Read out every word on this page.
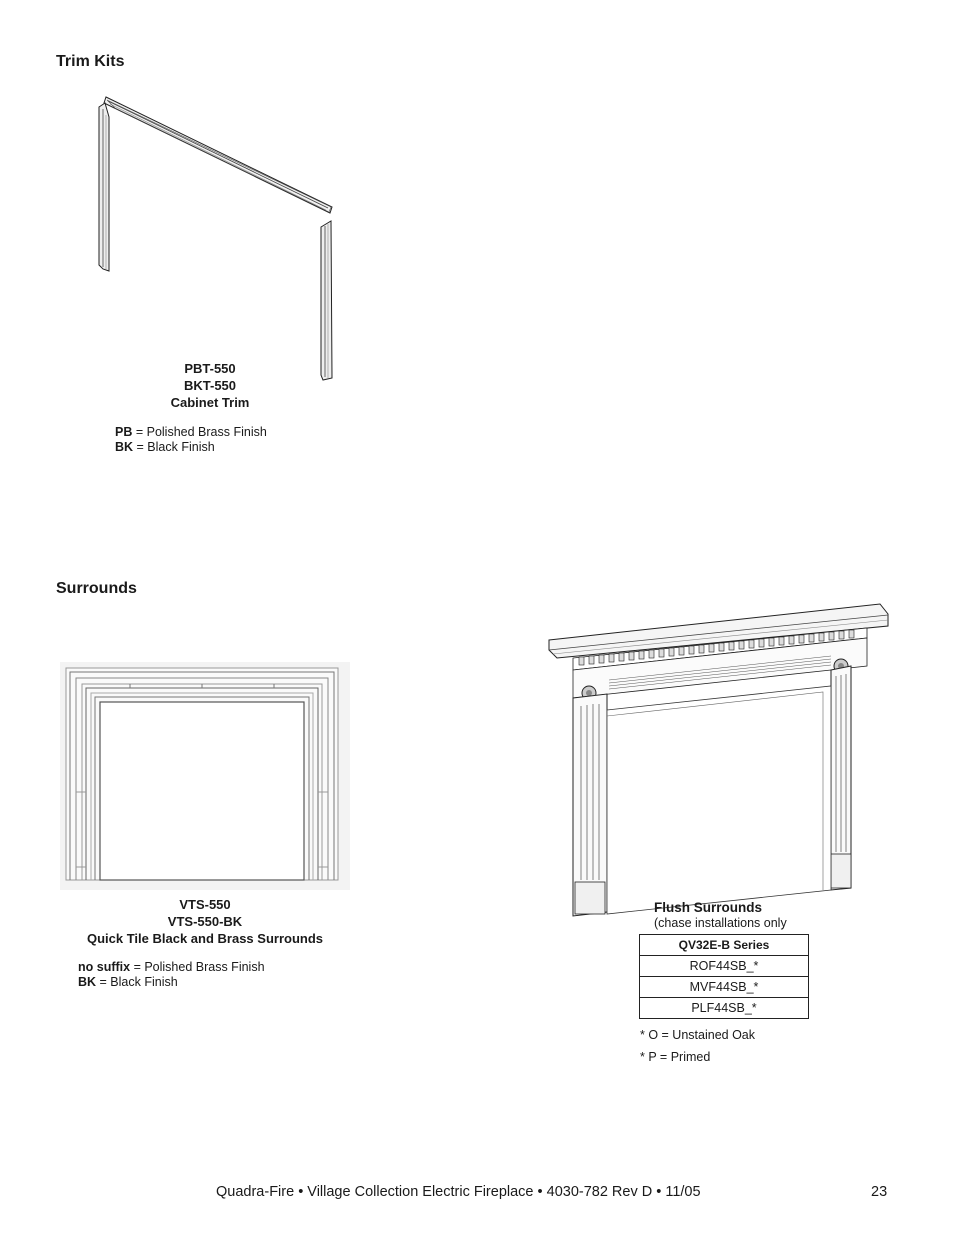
Trim Kits
PBT-550
BKT-550
Cabinet Trim
PB = Polished Brass Finish
BK = Black Finish
Surrounds
VTS-550
VTS-550-BK
Quick Tile Black and Brass Surrounds
no suffix = Polished Brass Finish
BK = Black Finish
Flush Surrounds
(chase installations only
QV32E-B Series
ROF44SB_*
MVF44SB_*
PLF44SB_*
* O = Unstained Oak
* P = Primed
Quadra-Fire • Village Collection Electric Fireplace • 4030-782 Rev D • 11/05	23
